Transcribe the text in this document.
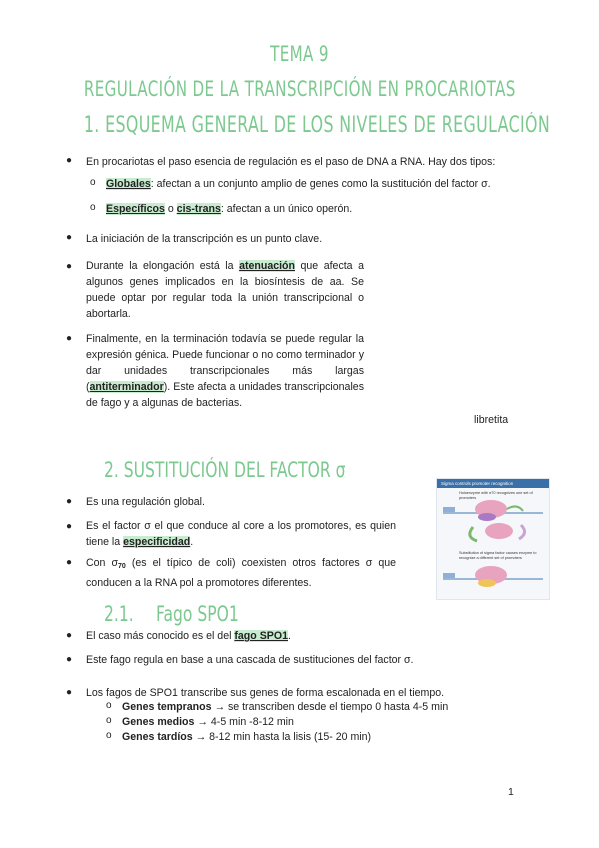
TEMA 9
REGULACIÓN DE LA TRANSCRIPCIÓN EN PROCARIOTAS
1. ESQUEMA GENERAL DE LOS NIVELES DE REGULACIÓN
● En procariotas el paso esencia de regulación es el paso de DNA a RNA. Hay dos tipos:
o Globales: afectan a un conjunto amplio de genes como la sustitución del factor σ.
o Específicos o cis-trans: afectan a un único operón.
● La iniciación de la transcripción es un punto clave.
● Durante la elongación está la atenuación que afecta a algunos genes implicados en la biosíntesis de aa. Se puede optar por regular toda la unión transcripcional o abortarla.
● Finalmente, en la terminación todavía se puede regular la expresión génica. Puede funcionar o no como terminador y dar unidades transcripcionales más largas (antiterminador). Este afecta a unidades transcripcionales de fago y a algunas de bacterias.
libretita
2. SUSTITUCIÓN DEL FACTOR σ
● Es una regulación global.
● Es el factor σ el que conduce al core a los promotores, es quien tiene la especificidad.
● Con $\sigma_{70}$ (es el típico de coli) coexisten otros factores σ que conducen a la RNA pol a promotores diferentes.
Sigma controls promoter recognition
Holoenzyme with σ70 recognizes one set of promoters
Substitution of sigma factor causes enzyme to recognize a different set of promoters
2.1. Fago SPO1
● El caso más conocido es el del fago SPO1.
● Este fago regula en base a una cascada de sustituciones del factor σ.
● Los fagos de SPO1 transcribe sus genes de forma escalonada en el tiempo.
o Genes tempranos → se transcriben desde el tiempo 0 hasta 4-5 min
o Genes medios → 4-5 min -8-12 min
o Genes tardíos → 8-12 min hasta la lisis (15- 20 min)
1
